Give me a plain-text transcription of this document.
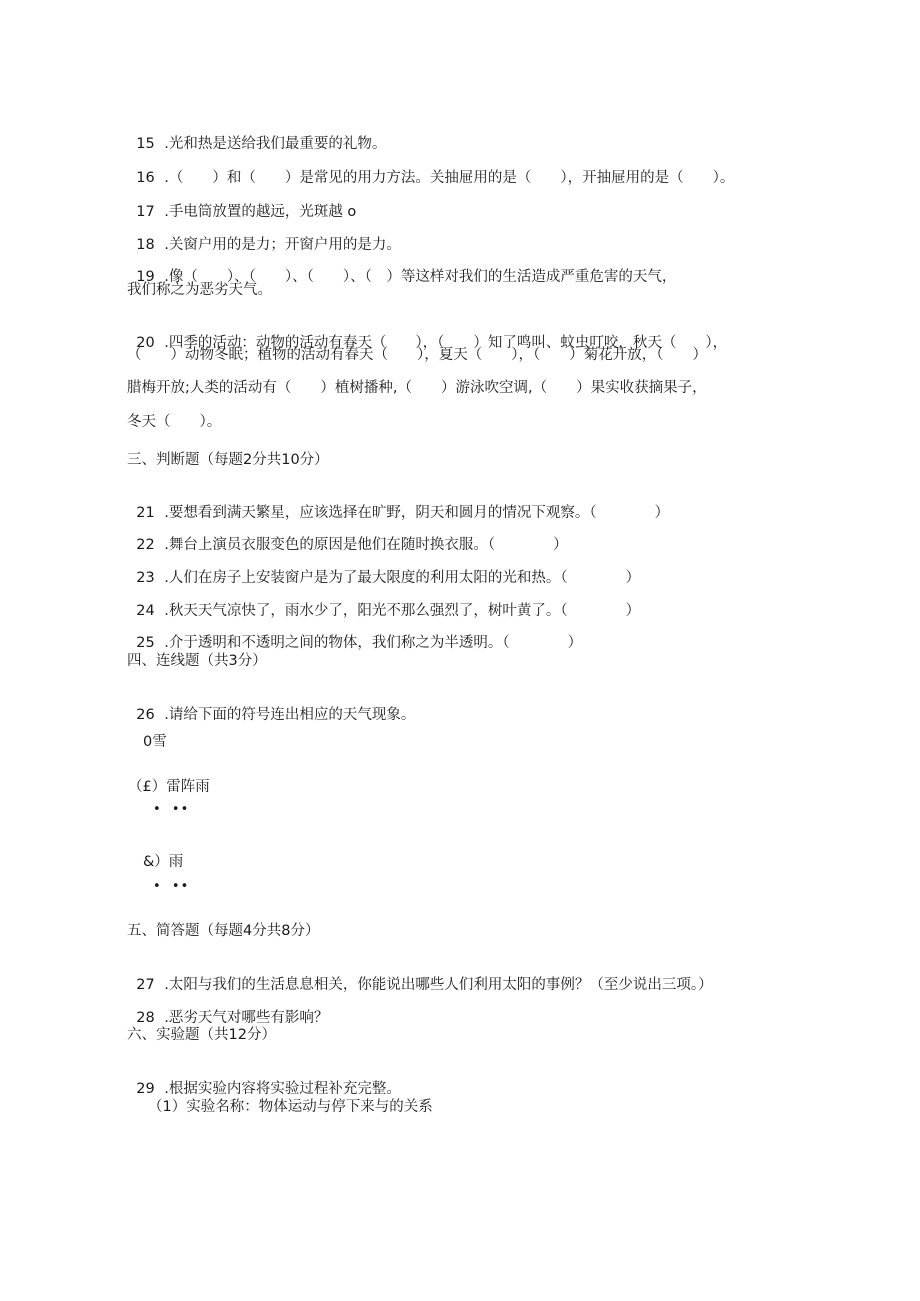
15 .光和热是送给我们最重要的礼物。

16 .（　　）和（　　）是常见的用力方法。关抽屉用的是（　　），开抽屉用的是（　　）。

17 .手电筒放置的越远，光斑越 o

18 .关窗户用的是力；开窗户用的是力。

19 .像（　　）、（　　）、（　　）、（　）等这样对我们的生活造成严重危害的天气，

我们称之为恶劣天气。

20 .四季的活动：动物的活动有春天（　　），（　　）知了鸣叫、蚊虫叮咬，秋天（　　），

（　　）动物冬眠；植物的活动有春天（　　），夏天（　　），（　　）菊花开放，（　　）
腊梅开放;人类的活动有（　　）植树播种,（　　）游泳吹空调,（　　）果实收获摘果子，
冬天（　　）。
三、判断题（每题2分共10分）

21 .要想看到满天繁星，应该选择在旷野，阴天和圆月的情况下观察。（　　　　）

22 .舞台上演员衣服变色的原因是他们在随时换衣服。（　　　　）

23 .人们在房子上安装窗户是为了最大限度的利用太阳的光和热。（　　　　）

24 .秋天天气凉快了，雨水少了，阳光不那么强烈了，树叶黄了。（　　　　）

25 .介于透明和不透明之间的物体，我们称之为半透明。（　　　　）

四、连线题（共3分）

26 .请给下面的符号连出相应的天气现象。

0雪
（£）雷阵雨
•  ••
&）雨
•  ••
五、简答题（每题4分共8分）

27 .太阳与我们的生活息息相关，你能说出哪些人们利用太阳的事例？（至少说出三项。）

28 .恶劣天气对哪些有影响？

六、实验题（共12分）

29 .根据实验内容将实验过程补充完整。

（1）实验名称：物体运动与停下来与的关系
